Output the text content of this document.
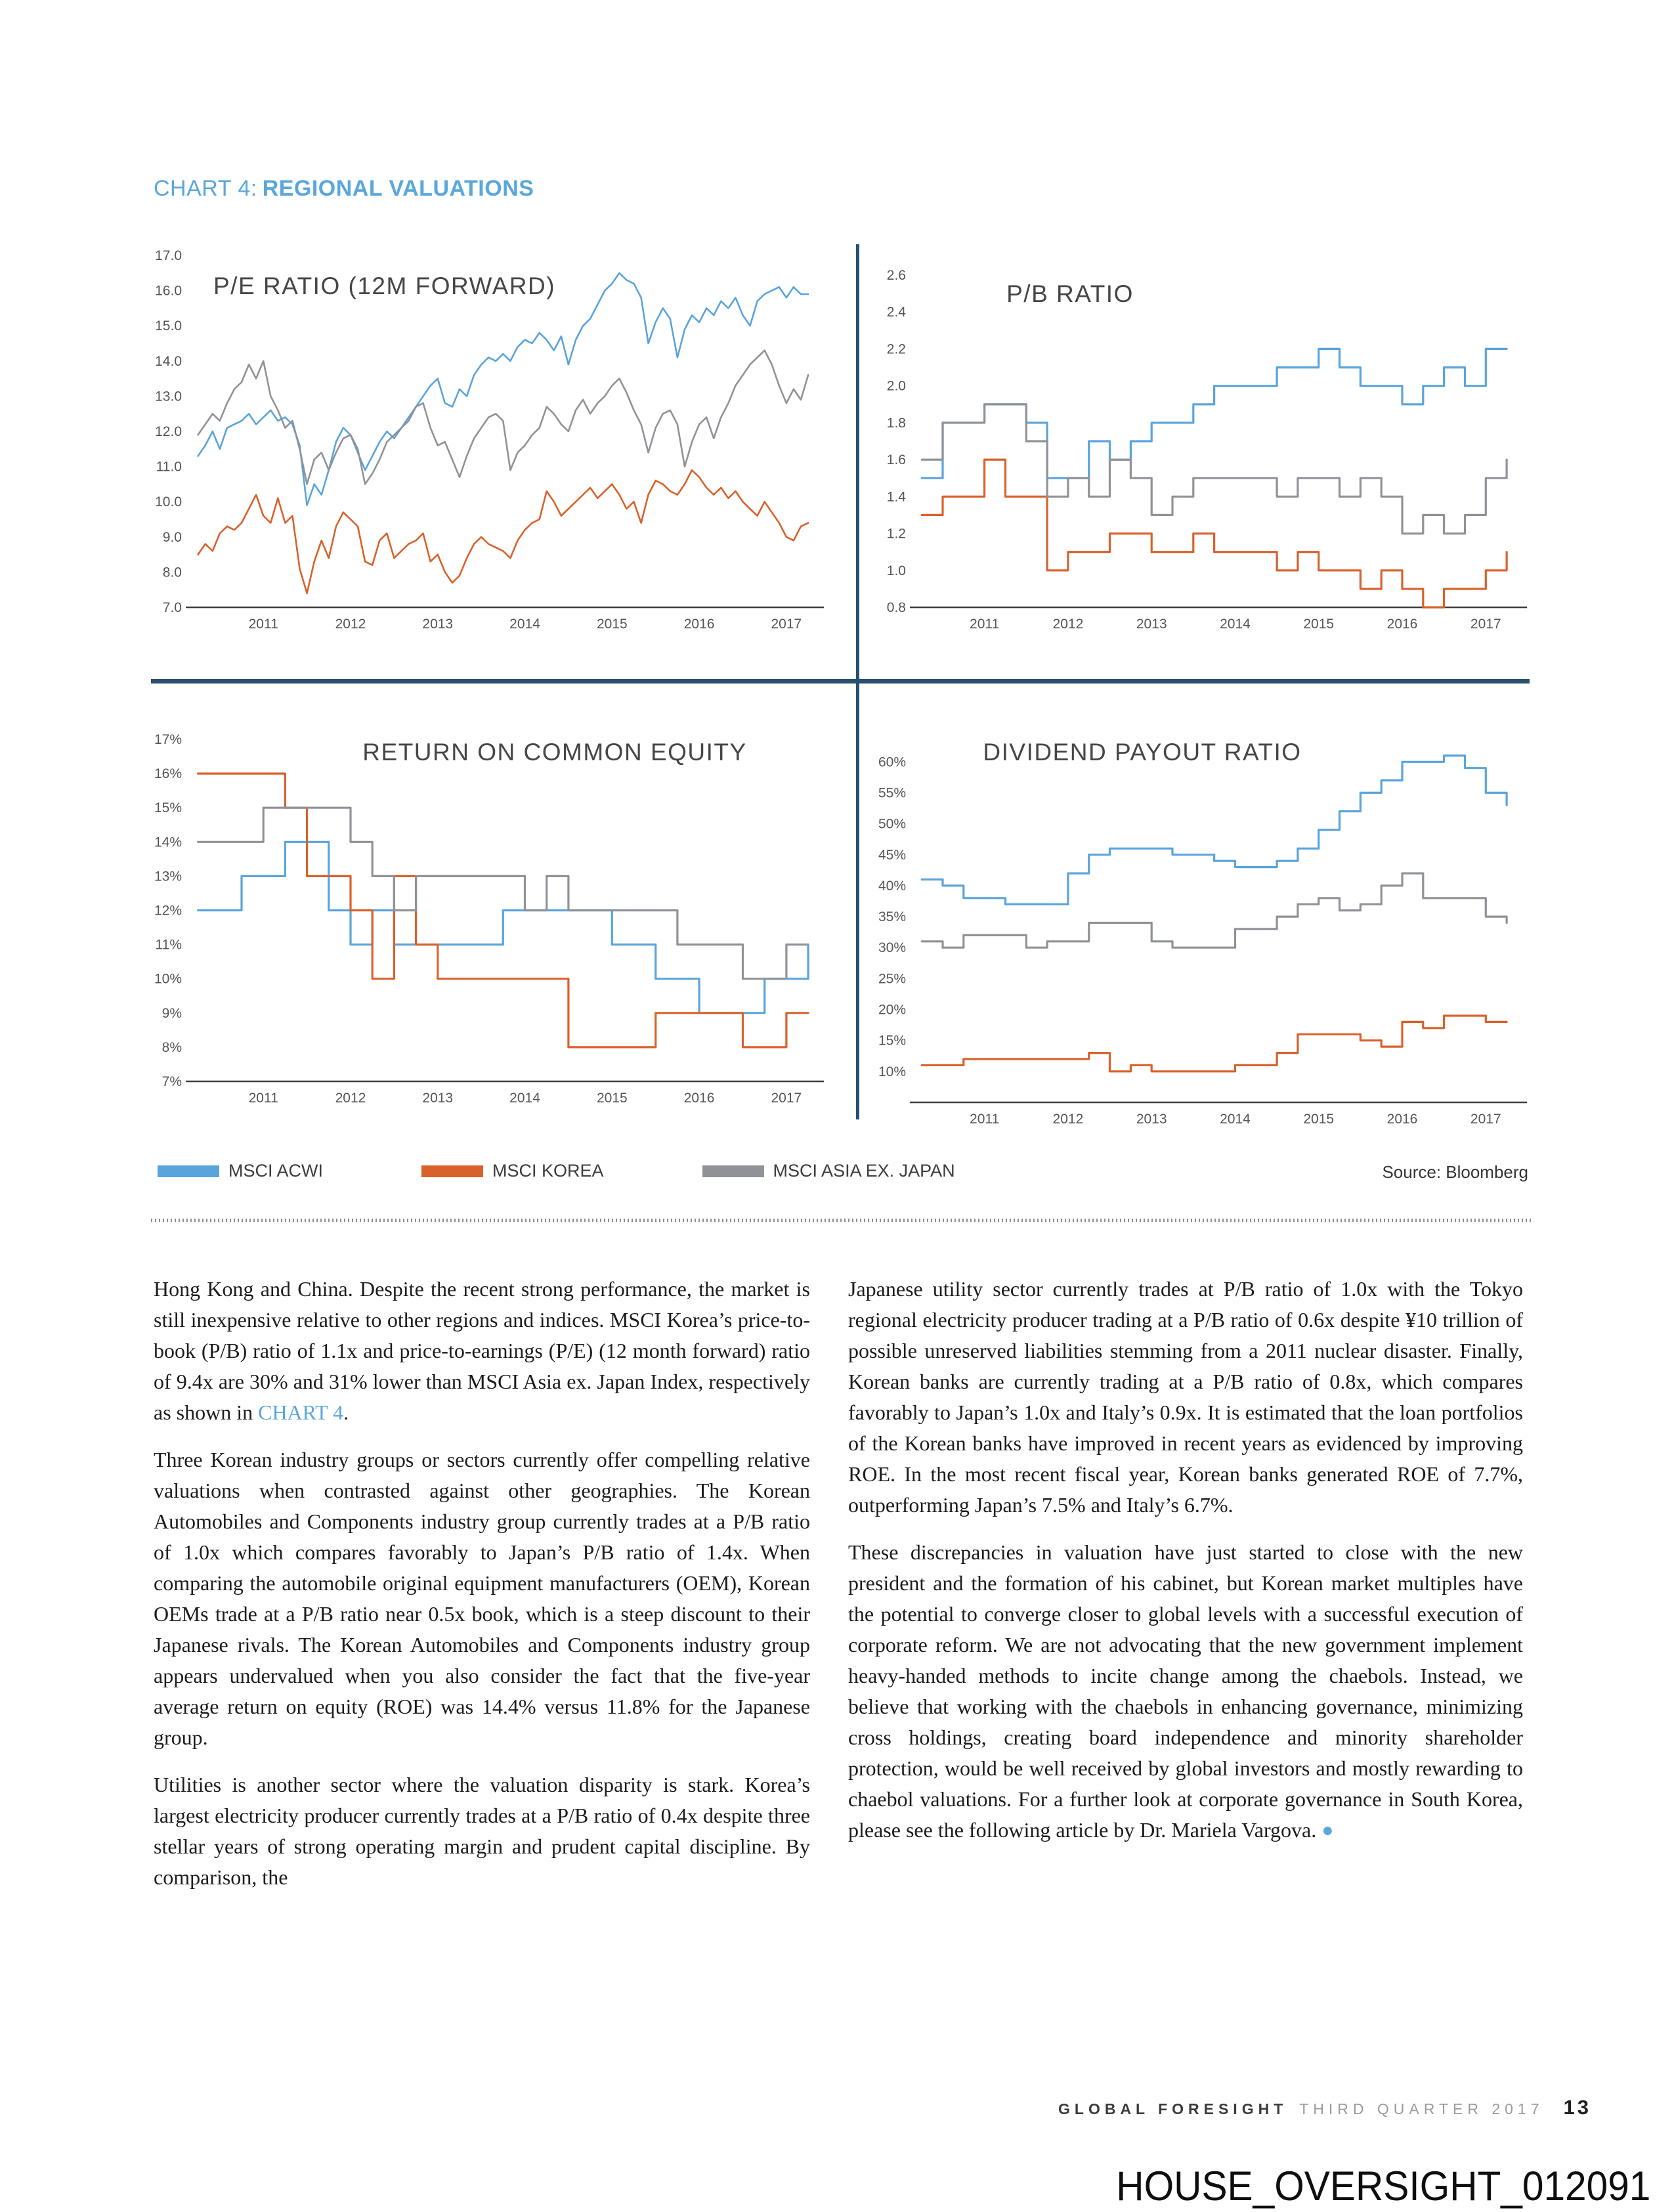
CHART 4: REGIONAL VALUATIONS
17.0
16.0
15.0
14.0
13.0
12.0
11.0
10.0
9.0
8.0
7.0
2011	2012	2013	2014	2015	2016	2017
P/E RATIO (12M FORWARD)	2.6
2.4
2.2
2.0
1.8
1.6
1.4
1.2
1.0
0.8
2011	2012	2013	2014	2015	2016	2017
P/B RATIO
17%
16%
15%
14%
13%
12%
11%
10%
9%
8%
7%
2011	2012	2013	2014	2015	2016	2017
RETURN ON COMMON EQUITY	60%
55%
50%
45%
40%
35%
30%
25%
20%
15%
10%
2011	2012	2013	2014	2015	2016	2017
DIVIDEND PAYOUT RATIO
MSCI ACWI	MSCI KOREA	MSCI ASIA EX. JAPAN	Source: Bloomberg

Hong Kong and China. Despite the recent strong performance, the market is still inexpensive relative to other regions and indices. MSCI Korea’s price-to-book (P/B) ratio of 1.1x and price-to-earnings (P/E) (12 month forward) ratio of 9.4x are 30% and 31% lower than MSCI Asia ex. Japan Index, respectively as shown in CHART 4.

Three Korean industry groups or sectors currently offer compelling relative valuations when contrasted against other geographies. The Korean Automobiles and Components industry group currently trades at a P/B ratio of 1.0x which compares favorably to Japan’s P/B ratio of 1.4x. When comparing the automobile original equipment manufacturers (OEM), Korean OEMs trade at a P/B ratio near 0.5x book, which is a steep discount to their Japanese rivals. The Korean Automobiles and Components industry group appears undervalued when you also consider the fact that the five-year average return on equity (ROE) was 14.4% versus 11.8% for the Japanese group.

Utilities is another sector where the valuation disparity is stark. Korea’s largest electricity producer currently trades at a P/B ratio of 0.4x despite three stellar years of strong operating margin and prudent capital discipline. By comparison, the

Japanese utility sector currently trades at P/B ratio of 1.0x with the Tokyo regional electricity producer trading at a P/B ratio of 0.6x despite ¥10 trillion of possible unreserved liabilities stemming from a 2011 nuclear disaster. Finally, Korean banks are currently trading at a P/B ratio of 0.8x, which compares favorably to Japan’s 1.0x and Italy’s 0.9x. It is estimated that the loan portfolios of the Korean banks have improved in recent years as evidenced by improving ROE. In the most recent fiscal year, Korean banks generated ROE of 7.7%, outperforming Japan’s 7.5% and Italy’s 6.7%.

These discrepancies in valuation have just started to close with the new president and the formation of his cabinet, but Korean market multiples have the potential to converge closer to global levels with a successful execution of corporate reform. We are not advocating that the new government implement heavy-handed methods to incite change among the chaebols. Instead, we believe that working with the chaebols in enhancing governance, minimizing cross holdings, creating board independence and minority shareholder protection, would be well received by global investors and mostly rewarding to chaebol valuations. For a further look at corporate governance in South Korea, please see the following article by Dr. Mariela Vargova. ●

GLOBAL FORESIGHT THIRD QUARTER 2017 13
HOUSE_OVERSIGHT_012091
